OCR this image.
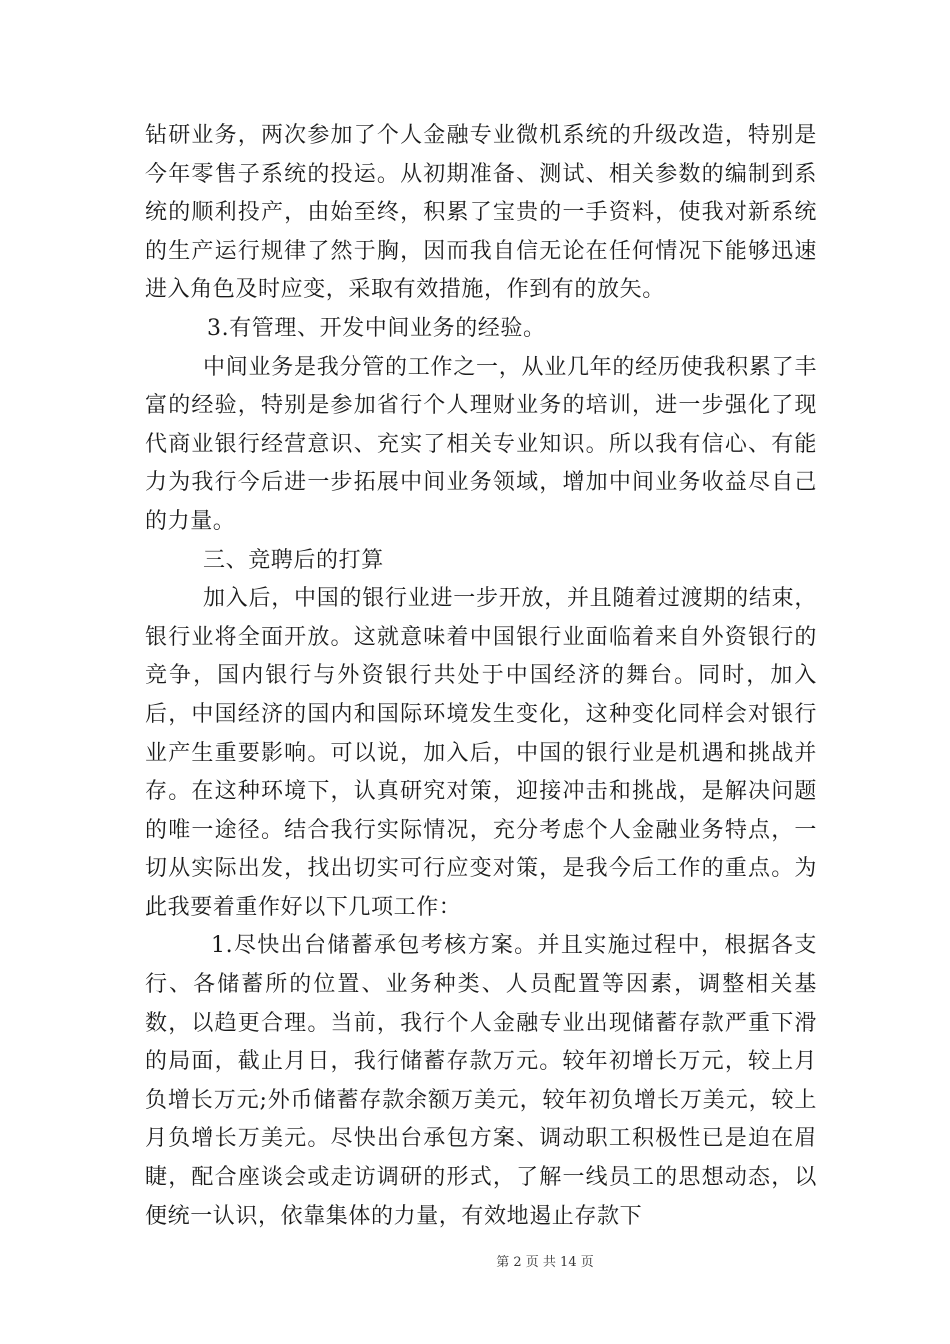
钻研业务，两次参加了个人金融专业微机系统的升级改造，特别是今年零售子系统的投运。从初期准备、测试、相关参数的编制到系统的顺利投产，由始至终，积累了宝贵的一手资料，使我对新系统的生产运行规律了然于胸，因而我自信无论在任何情况下能够迅速进入角色及时应变，采取有效措施，作到有的放矢。

3.有管理、开发中间业务的经验。

中间业务是我分管的工作之一，从业几年的经历使我积累了丰富的经验，特别是参加省行个人理财业务的培训，进一步强化了现代商业银行经营意识、充实了相关专业知识。所以我有信心、有能力为我行今后进一步拓展中间业务领域，增加中间业务收益尽自己的力量。

三、竞聘后的打算

加入后，中国的银行业进一步开放，并且随着过渡期的结束，银行业将全面开放。这就意味着中国银行业面临着来自外资银行的竞争，国内银行与外资银行共处于中国经济的舞台。同时，加入后，中国经济的国内和国际环境发生变化，这种变化同样会对银行业产生重要影响。可以说，加入后，中国的银行业是机遇和挑战并存。在这种环境下，认真研究对策，迎接冲击和挑战，是解决问题的唯一途径。结合我行实际情况，充分考虑个人金融业务特点，一切从实际出发，找出切实可行应变对策，是我今后工作的重点。为此我要着重作好以下几项工作：

1.尽快出台储蓄承包考核方案。并且实施过程中，根据各支行、各储蓄所的位置、业务种类、人员配置等因素，调整相关基数，以趋更合理。当前，我行个人金融专业出现储蓄存款严重下滑的局面，截止月日，我行储蓄存款万元。较年初增长万元，较上月负增长万元;外币储蓄存款余额万美元，较年初负增长万美元，较上月负增长万美元。尽快出台承包方案、调动职工积极性已是迫在眉睫，配合座谈会或走访调研的形式，了解一线员工的思想动态，以便统一认识，依靠集体的力量，有效地遏止存款下

第 2 页 共 14 页
